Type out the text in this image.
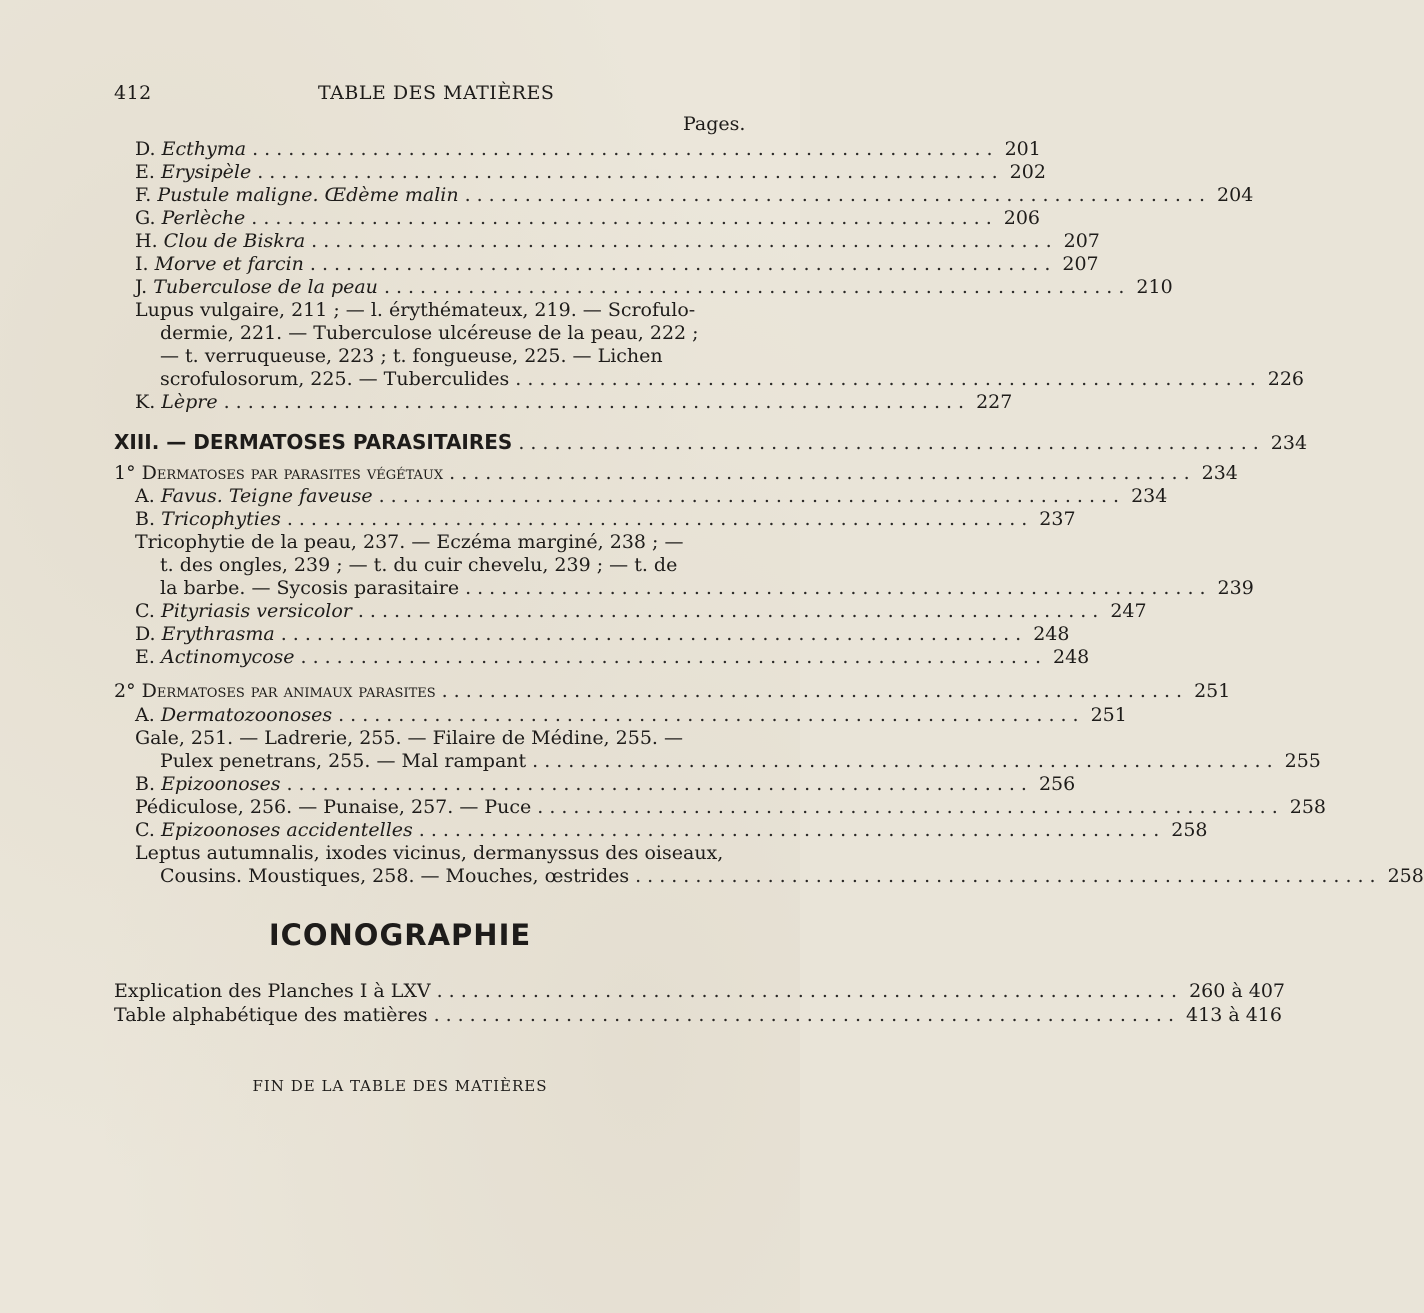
412	TABLE DES MATIÈRES
Pages.
D.
Ecthyma .............................................................. 201
E.
Erysipèle .............................................................. 202
F.
Pustule maligne. Œdème malin .............................................................. 204
G.
Perlèche .............................................................. 206
H.
Clou de Biskra .............................................................. 207
I.
Morve et farcin .............................................................. 207
J.
Tuberculose de la peau .............................................................. 210
Lupus vulgaire, 211 ; — l. érythémateux, 219. — Scrofulo-
dermie, 221. — Tuberculose ulcéreuse de la peau, 222 ;
— t. verruqueuse, 223 ; t. fongueuse, 225. — Lichen
scrofulosorum, 225. — Tuberculides .............................................................. 226
K.
Lèpre .............................................................. 227
XIII. — DERMATOSES PARASITAIRES .............................................................. 234
1° Dermatoses par parasites végétaux .............................................................. 234
A.
Favus. Teigne faveuse .............................................................. 234
B.
Tricophyties .............................................................. 237
Tricophytie de la peau, 237. — Eczéma marginé, 238 ; —
t. des ongles, 239 ; — t. du cuir chevelu, 239 ; — t. de
la barbe. — Sycosis parasitaire .............................................................. 239
C.
Pityriasis versicolor .............................................................. 247
D.
Erythrasma .............................................................. 248
E.
Actinomycose .............................................................. 248
2° Dermatoses par animaux parasites .............................................................. 251
A.
Dermatozoonoses .............................................................. 251
Gale, 251. — Ladrerie, 255. — Filaire de Médine, 255. —
Pulex penetrans, 255. — Mal rampant .............................................................. 255
B.
Epizoonoses .............................................................. 256
Pédiculose, 256. — Punaise, 257. — Puce .............................................................. 258
C.
Epizoonoses accidentelles .............................................................. 258
Leptus autumnalis, ixodes vicinus, dermanyssus des oiseaux,
Cousins. Moustiques, 258. — Mouches, œstrides .............................................................. 258
ICONOGRAPHIE
Explication des Planches I à LXV .............................................................. 260 à 407
Table alphabétique des matières .............................................................. 413 à 416
FIN DE LA TABLE DES MATIÈRES
